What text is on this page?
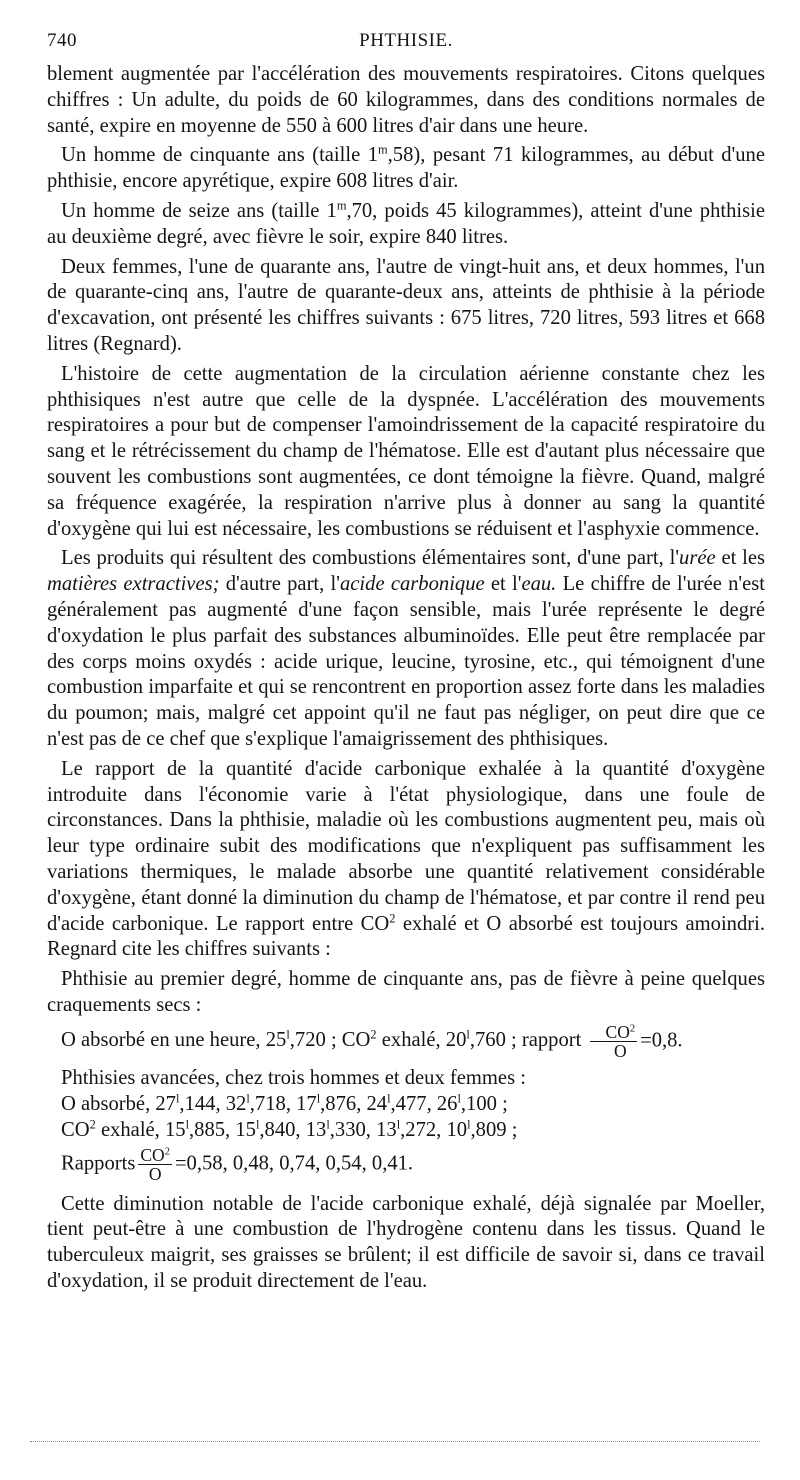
740	PHTHISIE.

blement augmentée par l'accélération des mouvements respiratoires. Citons quelques chiffres : Un adulte, du poids de 60 kilogrammes, dans des conditions normales de santé, expire en moyenne de 550 à 600 litres d'air dans une heure.

Un homme de cinquante ans (taille 1$^m$,58), pesant 71 kilogrammes, au début d'une phthisie, encore apyrétique, expire 608 litres d'air.

Un homme de seize ans (taille 1$^m$,70, poids 45 kilogrammes), atteint d'une phthisie au deuxième degré, avec fièvre le soir, expire 840 litres.

Deux femmes, l'une de quarante ans, l'autre de vingt-huit ans, et deux hommes, l'un de quarante-cinq ans, l'autre de quarante-deux ans, atteints de phthisie à la période d'excavation, ont présenté les chiffres suivants : 675 litres, 720 litres, 593 litres et 668 litres (Regnard).

L'histoire de cette augmentation de la circulation aérienne constante chez les phthisiques n'est autre que celle de la dyspnée. L'accélération des mouvements respiratoires a pour but de compenser l'amoindrissement de la capacité respiratoire du sang et le rétrécissement du champ de l'hématose. Elle est d'autant plus nécessaire que souvent les combustions sont augmentées, ce dont témoigne la fièvre. Quand, malgré sa fréquence exagérée, la respiration n'arrive plus à donner au sang la quantité d'oxygène qui lui est nécessaire, les combustions se réduisent et l'asphyxie commence.

Les produits qui résultent des combustions élémentaires sont, d'une part, l'urée et les matières extractives; d'autre part, l'acide carbonique et l'eau. Le chiffre de l'urée n'est généralement pas augmenté d'une façon sensible, mais l'urée représente le degré d'oxydation le plus parfait des substances albuminoïdes. Elle peut être remplacée par des corps moins oxydés : acide urique, leucine, tyrosine, etc., qui témoignent d'une combustion imparfaite et qui se rencontrent en proportion assez forte dans les maladies du poumon; mais, malgré cet appoint qu'il ne faut pas négliger, on peut dire que ce n'est pas de ce chef que s'explique l'amaigrissement des phthisiques.

Le rapport de la quantité d'acide carbonique exhalée à la quantité d'oxygène introduite dans l'économie varie à l'état physiologique, dans une foule de circonstances. Dans la phthisie, maladie où les combustions augmentent peu, mais où leur type ordinaire subit des modifications que n'expliquent pas suffisamment les variations thermiques, le malade absorbe une quantité relativement considérable d'oxygène, étant donné la diminution du champ de l'hématose, et par contre il rend peu d'acide carbonique. Le rapport entre $CO^2$ exhalé et O absorbé est toujours amoindri. Regnard cite les chiffres suivants :

Phthisie au premier degré, homme de cinquante ans, pas de fièvre à peine quelques craquements secs :

O absorbé en une heure, 25$^l$,720 ; $CO^2$ exhalé, 20$^l$,760 ; rapport $\frac{CO^2}{O} =0,8$.

Phthisies avancées, chez trois hommes et deux femmes :

O absorbé, 27$^l$,144, 32$^l$,718, 17$^l$,876, 24$^l$,477, 26$^l$,100 ;

$CO^2$ exhalé, 15$^l$,885, 15$^l$,840, 13$^l$,330, 13$^l$,272, 10$^l$,809 ;

Rapports $\frac{CO^2}{O} =0,58$, 0,48, 0,74, 0,54, 0,41.

Cette diminution notable de l'acide carbonique exhalé, déjà signalée par Moeller, tient peut-être à une combustion de l'hydrogène contenu dans les tissus. Quand le tuberculeux maigrit, ses graisses se brûlent; il est difficile de savoir si, dans ce travail d'oxydation, il se produit directement de l'eau.
